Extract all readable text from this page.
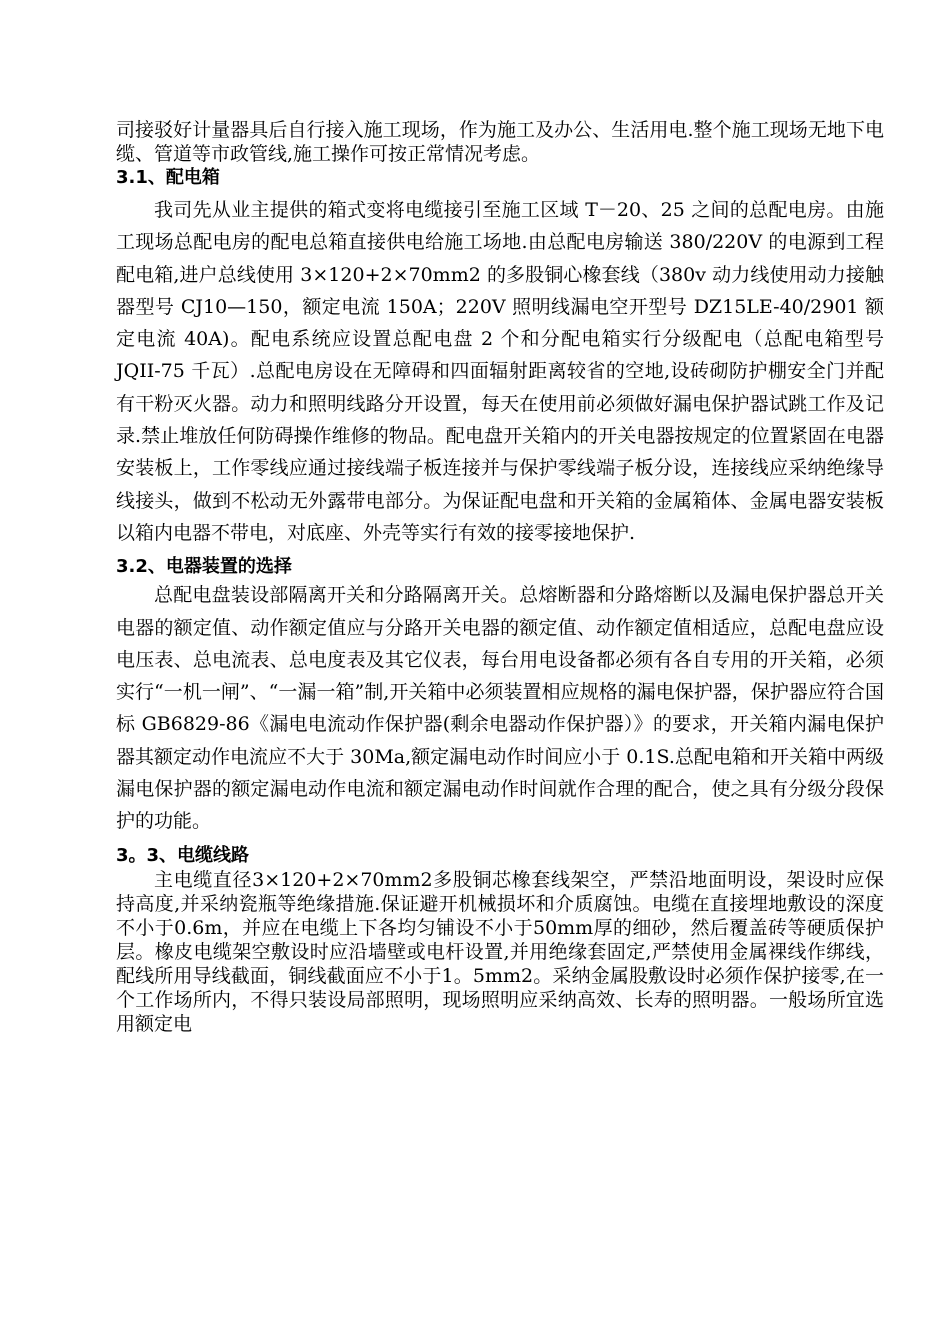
司接驳好计量器具后自行接入施工现场，作为施工及办公、生活用电.整个施工现场无地下电缆、管道等市政管线,施工操作可按正常情况考虑。

3.1、配电箱

我司先从业主提供的箱式变将电缆接引至施工区域 T－20、25 之间的总配电房。由施工现场总配电房的配电总箱直接供电给施工场地.由总配电房输送 380/220V 的电源到工程配电箱,进户总线使用 3×120+2×70mm2 的多股铜心橡套线（380v 动力线使用动力接触器型号 CJ10—150，额定电流 150A；220V 照明线漏电空开型号 DZ15LE-40/2901 额定电流 40A)。配电系统应设置总配电盘 2 个和分配电箱实行分级配电（总配电箱型号 JQII-75 千瓦）.总配电房设在无障碍和四面辐射距离较省的空地,设砖砌防护棚安全门并配有干粉灭火器。动力和照明线路分开设置，每天在使用前必须做好漏电保护器试跳工作及记录.禁止堆放任何防碍操作维修的物品。配电盘开关箱内的开关电器按规定的位置紧固在电器安装板上，工作零线应通过接线端子板连接并与保护零线端子板分设，连接线应采纳绝缘导线接头，做到不松动无外露带电部分。为保证配电盘和开关箱的金属箱体、金属电器安装板以箱内电器不带电，对底座、外壳等实行有效的接零接地保护.

3.2、电器装置的选择

总配电盘装设部隔离开关和分路隔离开关。总熔断器和分路熔断以及漏电保护器总开关电器的额定值、动作额定值应与分路开关电器的额定值、动作额定值相适应，总配电盘应设电压表、总电流表、总电度表及其它仪表，每台用电设备都必须有各自专用的开关箱，必须实行“一机一闸”、“一漏一箱”制,开关箱中必须装置相应规格的漏电保护器，保护器应符合国标 GB6829-86《漏电电流动作保护器(剩余电器动作保护器）》的要求，开关箱内漏电保护器其额定动作电流应不大于 30Ma,额定漏电动作时间应小于 0.1S.总配电箱和开关箱中两级漏电保护器的额定漏电动作电流和额定漏电动作时间就作合理的配合，使之具有分级分段保护的功能。

3。3、电缆线路

主电缆直径3×120+2×70mm2多股铜芯橡套线架空，严禁沿地面明设，架设时应保持高度,并采纳瓷瓶等绝缘措施.保证避开机械损坏和介质腐蚀。电缆在直接埋地敷设的深度不小于0.6m，并应在电缆上下各均匀铺设不小于50mm厚的细砂，然后覆盖砖等硬质保护层。橡皮电缆架空敷设时应沿墙壁或电杆设置,并用绝缘套固定,严禁使用金属裸线作绑线，配线所用导线截面，铜线截面应不小于1。5mm2。采纳金属股敷设时必须作保护接零,在一个工作场所内，不得只装设局部照明，现场照明应采纳高效、长寿的照明器。一般场所宜选用额定电
